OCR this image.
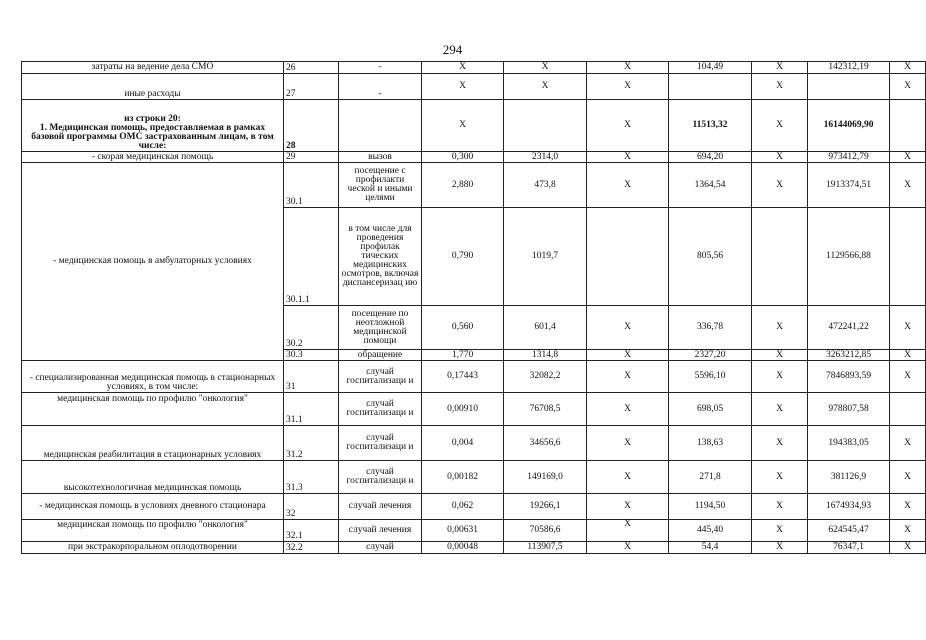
294
затраты на ведение дела СМО	26	-	X	X	X	104,49	X	142312,19	X
иные расходы	27	-	X	X	X		X		X
из строки 20:
1. Медицинская помощь, предоставляемая в рамках базовой программы ОМС застрахованным лицам, в том числе:	28		X		X	11513,32	X	16144069,90	
- скорая медицинская помощь	29	вызов	0,300	2314,0	X	694,20	X	973412,79	X
- медицинская помощь в амбулаторных условиях	30.1	посещение с профилакти ческой и иными целями	2,880	473,8	X	1364,54	X	1913374,51	X
	30.1.1	в том числе для проведения профилак тических медицинских осмотров, включая диспансеризац ию	0,790	1019,7		805,56		1129566,88	
	30.2	посещение по неотложной медицинской помощи	0,560	601,4	X	336,78	X	472241,22	X
	30.3	обращение	1,770	1314,8	X	2327,20	X	3263212,85	X
- специализированная медицинская помощь в стационарных условиях, в том числе:	31	случай госпитализаци и	0,17443	32082,2	X	5596,10	X	7846893,59	X
медицинская помощь по профилю "онкология"	31.1	случай госпитализаци и	0,00910	76708,5	X	698,05	X	978807,58	
медицинская реабилитация в стационарных условиях	31.2	случай госпитализаци и	0,004	34656,6	X	138,63	X	194383,05	X
высокотехнологичная медицинская помощь	31.3	случай госпитализаци и	0,00182	149169,0	X	271,8	X	381126,9	X
- медицинская помощь в условиях дневного стационара	32	случай лечения	0,062	19266,1	X	1194,50	X	1674934,93	X
медицинская помощь по профилю "онкология"	32.1	случай лечения	0,00631	70586,6	X	445,40	X	624545,47	X
при экстракорпоральном оплодотворении	32.2	случай	0,00048	113907,5	X	54,4	X	76347,1	X
